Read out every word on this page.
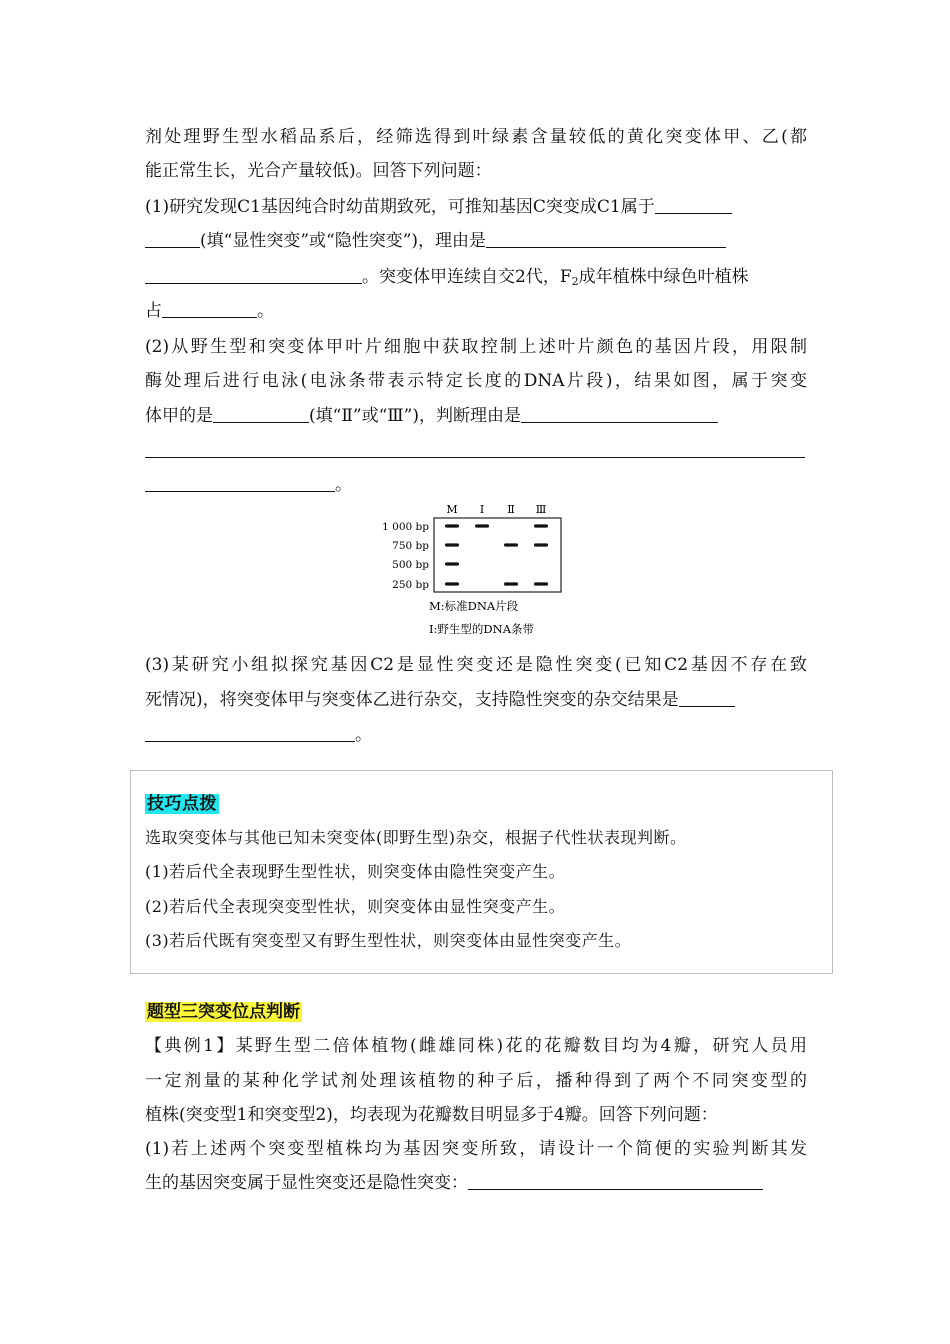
剂处理野生型水稻品系后，经筛选得到叶绿素含量较低的黄化突变体甲、乙(都
能正常生长，光合产量较低)。回答下列问题：
(1)研究发现C1基因纯合时幼苗期致死，可推知基因C突变成C1属于
(填“显性突变”或“隐性突变”)，理由是
。突变体甲连续自交2代，$F_2$成年植株中绿色叶植株
占	。
(2)从野生型和突变体甲叶片细胞中获取控制上述叶片颜色的基因片段，用限制
酶处理后进行电泳(电泳条带表示特定长度的DNA片段)，结果如图，属于突变
体甲的是	(填“Ⅱ”或“Ⅲ”)，判断理由是
。
M Ⅰ Ⅱ Ⅲ
1 000 bp
750 bp
500 bp
250 bp
M:标准DNA片段
Ⅰ:野生型的DNA条带
(3)某研究小组拟探究基因C2是显性突变还是隐性突变(已知C2基因不存在致
死情况)，将突变体甲与突变体乙进行杂交，支持隐性突变的杂交结果是
。
技巧点拨
选取突变体与其他已知未突变体(即野生型)杂交，根据子代性状表现判断。
(1)若后代全表现野生型性状，则突变体由隐性突变产生。
(2)若后代全表现突变型性状，则突变体由显性突变产生。
(3)若后代既有突变型又有野生型性状，则突变体由显性突变产生。
题型三突变位点判断
【典例1】某野生型二倍体植物(雌雄同株)花的花瓣数目均为4瓣，研究人员用
一定剂量的某种化学试剂处理该植物的种子后，播种得到了两个不同突变型的
植株(突变型1和突变型2)，均表现为花瓣数目明显多于4瓣。回答下列问题：
(1)若上述两个突变型植株均为基因突变所致，请设计一个简便的实验判断其发
生的基因突变属于显性突变还是隐性突变：
